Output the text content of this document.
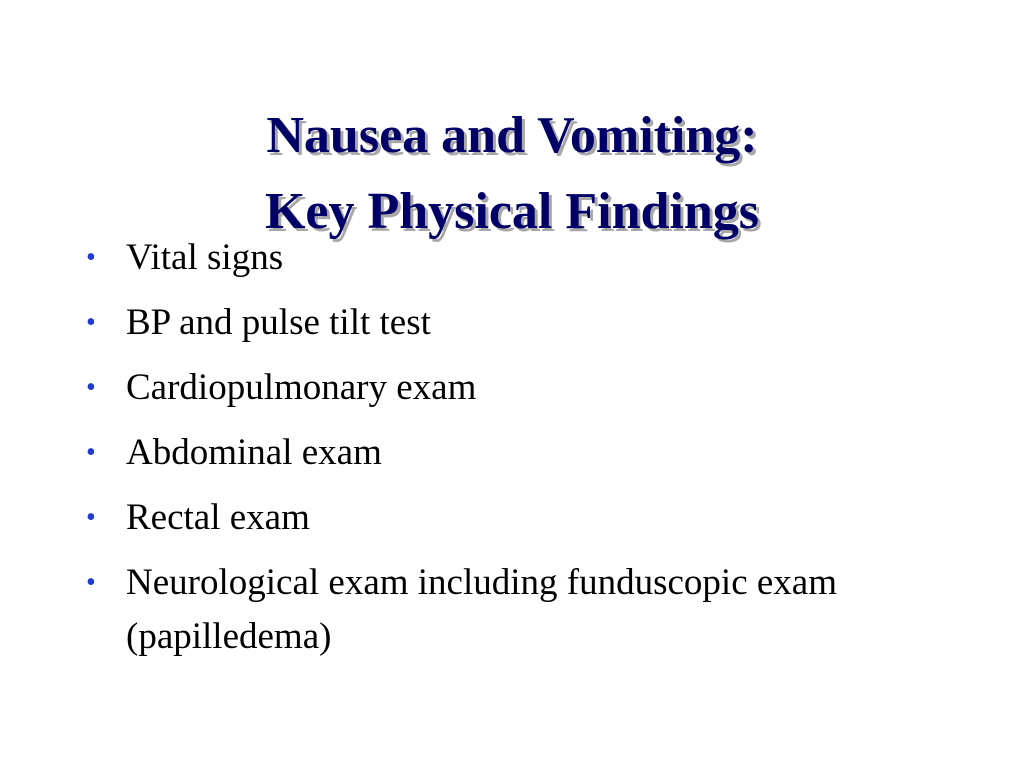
Nausea and Vomiting:
Key Physical Findings
• Vital signs
• BP and pulse tilt test
• Cardiopulmonary exam
• Abdominal exam
• Rectal exam
• Neurological exam including funduscopic exam (papilledema)
